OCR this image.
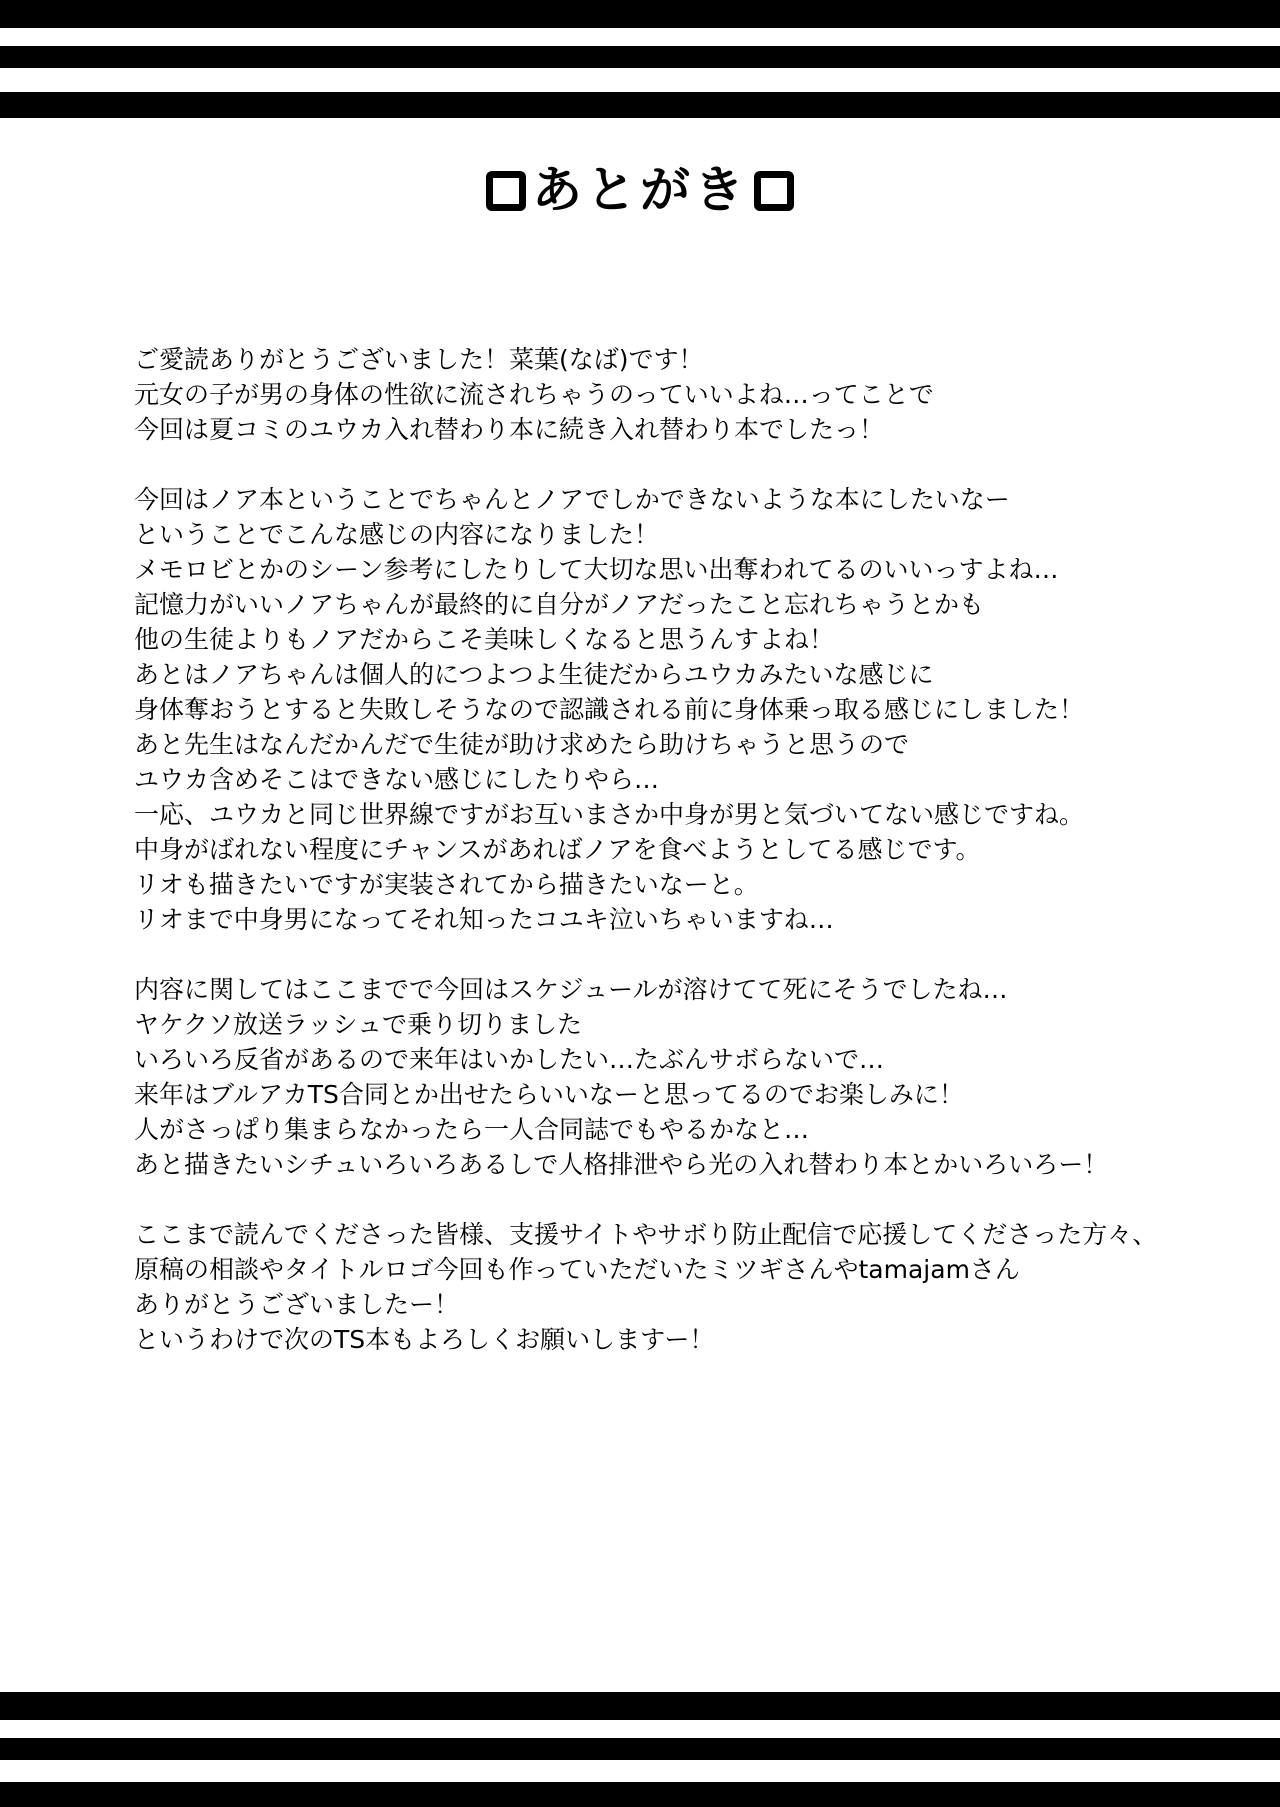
あとがき
ご愛読ありがとうございました！菜葉(なば)です！
元女の子が男の身体の性欲に流されちゃうのっていいよね…ってことで
今回は夏コミのユウカ入れ替わり本に続き入れ替わり本でしたっ！
今回はノア本ということでちゃんとノアでしかできないような本にしたいなー
ということでこんな感じの内容になりました！
メモロビとかのシーン参考にしたりして大切な思い出奪われてるのいいっすよね…
記憶力がいいノアちゃんが最終的に自分がノアだったこと忘れちゃうとかも
他の生徒よりもノアだからこそ美味しくなると思うんすよね！
あとはノアちゃんは個人的につよつよ生徒だからユウカみたいな感じに
身体奪おうとすると失敗しそうなので認識される前に身体乗っ取る感じにしました！
あと先生はなんだかんだで生徒が助け求めたら助けちゃうと思うので
ユウカ含めそこはできない感じにしたりやら…
一応、ユウカと同じ世界線ですがお互いまさか中身が男と気づいてない感じですね。
中身がばれない程度にチャンスがあればノアを食べようとしてる感じです。
リオも描きたいですが実装されてから描きたいなーと。
リオまで中身男になってそれ知ったコユキ泣いちゃいますね…
内容に関してはここまでで今回はスケジュールが溶けてて死にそうでしたね…
ヤケクソ放送ラッシュで乗り切りました
いろいろ反省があるので来年はいかしたい…たぶんサボらないで…
来年はブルアカTS合同とか出せたらいいなーと思ってるのでお楽しみに！
人がさっぱり集まらなかったら一人合同誌でもやるかなと…
あと描きたいシチュいろいろあるしで人格排泄やら光の入れ替わり本とかいろいろー！
ここまで読んでくださった皆様、支援サイトやサボり防止配信で応援してくださった方々、
原稿の相談やタイトルロゴ今回も作っていただいたミツギさんやtamajamさん
ありがとうございましたー！
というわけで次のTS本もよろしくお願いしますー！
